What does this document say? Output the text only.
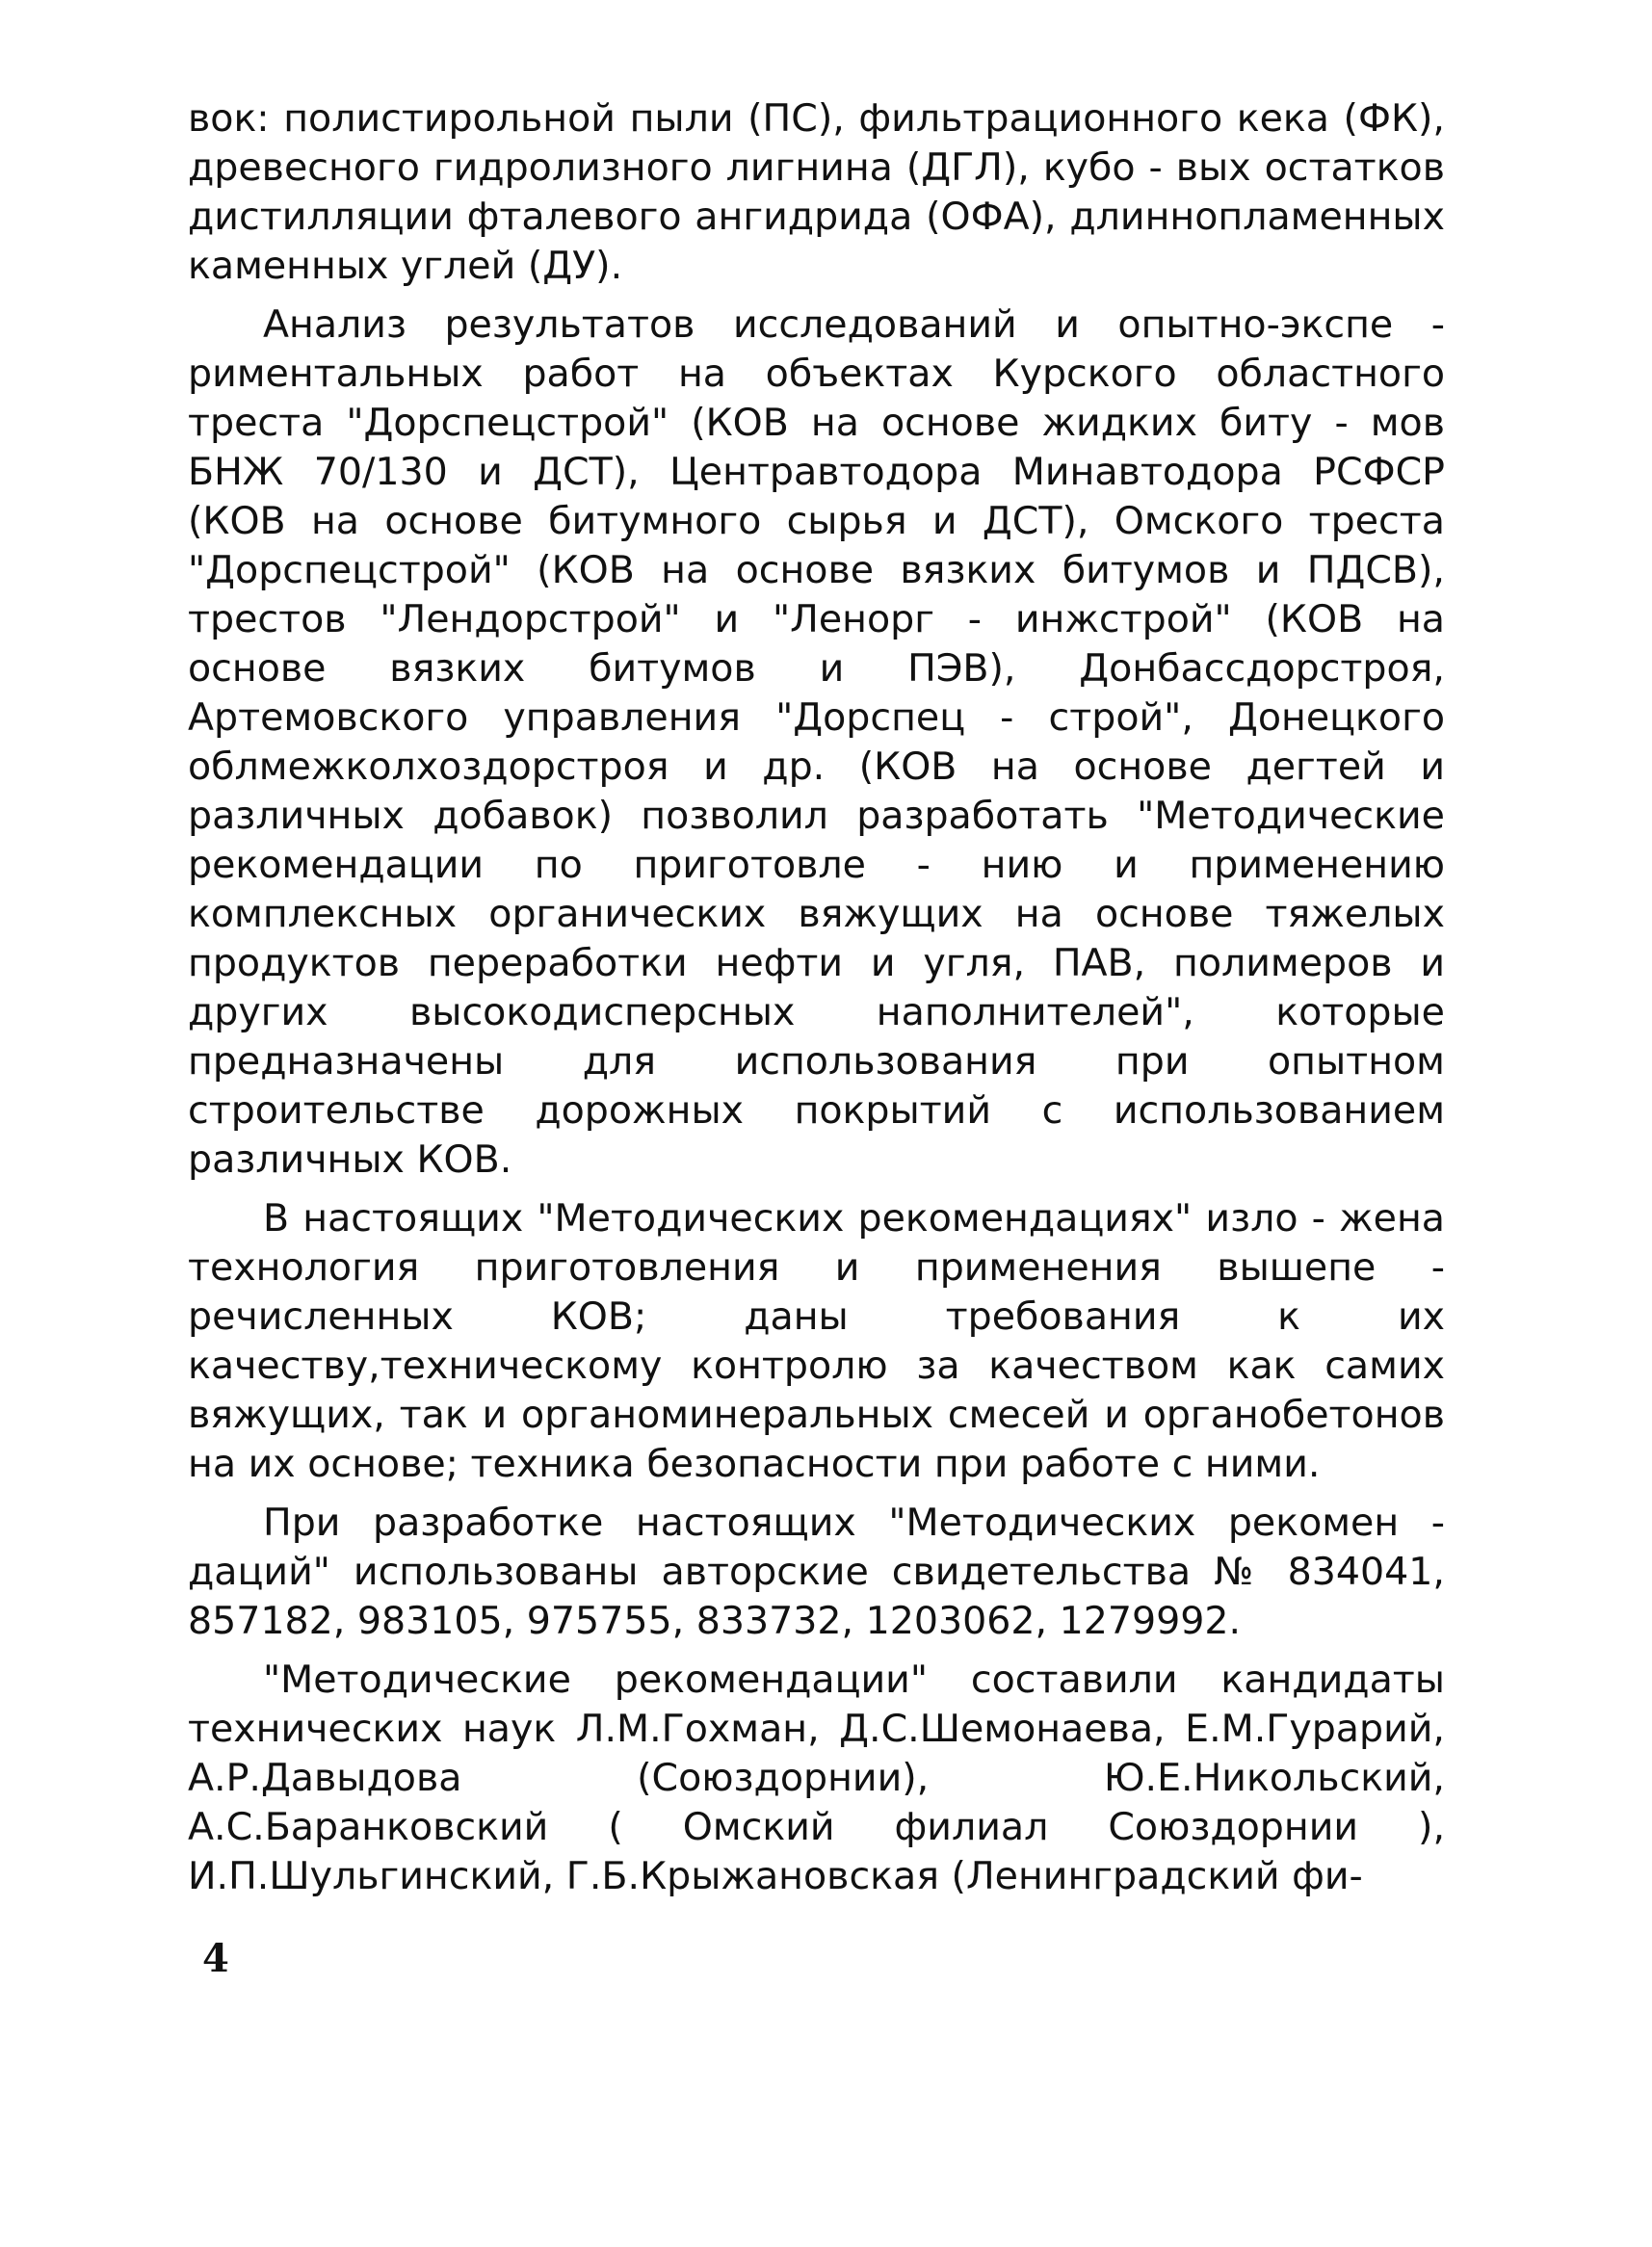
вок: полистирольной пыли (ПС), фильтрационного кека (ФК), древесного гидролизного лигнина (ДГЛ), кубо - вых остатков дистилляции фталевого ангидрида (ОФА), длиннопламенных каменных углей (ДУ).

Анализ результатов исследований и опытно-экспе - риментальных работ на объектах Курского областного треста "Дорспецстрой" (КОВ на основе жидких биту - мов БНЖ 70/130 и ДСТ), Центравтодора Минавтодора РСФСР (КОВ на основе битумного сырья и ДСТ), Омского треста "Дорспецстрой" (КОВ на основе вязких битумов и ПДСВ), трестов "Лендорстрой" и "Ленорг - инжстрой" (КОВ на основе вязких битумов и ПЭВ), Донбассдорстроя, Артемовского управления "Дорспец - строй", Донецкого облмежколхоздорстроя и др. (КОВ на основе дегтей и различных добавок) позволил разработать "Методические рекомендации по приготовле - нию и применению комплексных органических вяжущих на основе тяжелых продуктов переработки нефти и угля, ПАВ, полимеров и других высокодисперсных наполнителей", которые предназначены для использования при опытном строительстве дорожных покрытий с использованием различных КОВ.

В настоящих "Методических рекомендациях" изло - жена технология приготовления и применения вышепе - речисленных КОВ; даны требования к их качеству,техническому контролю за качеством как самих вяжущих, так и органоминеральных смесей и органобетонов на их основе; техника безопасности при работе с ними.

При разработке настоящих "Методических рекомен - даций" использованы авторские свидетельства № 834041, 857182, 983105, 975755, 833732, 1203062, 1279992.

"Методические рекомендации" составили кандидаты технических наук Л.М.Гохман, Д.С.Шемонаева, Е.М.Гурарий, А.Р.Давыдова (Союздорнии), Ю.Е.Никольский, А.С.Баранковский ( Омский филиал Союздорнии ), И.П.Шульгинский, Г.Б.Крыжановская (Ленинградский фи-

4
